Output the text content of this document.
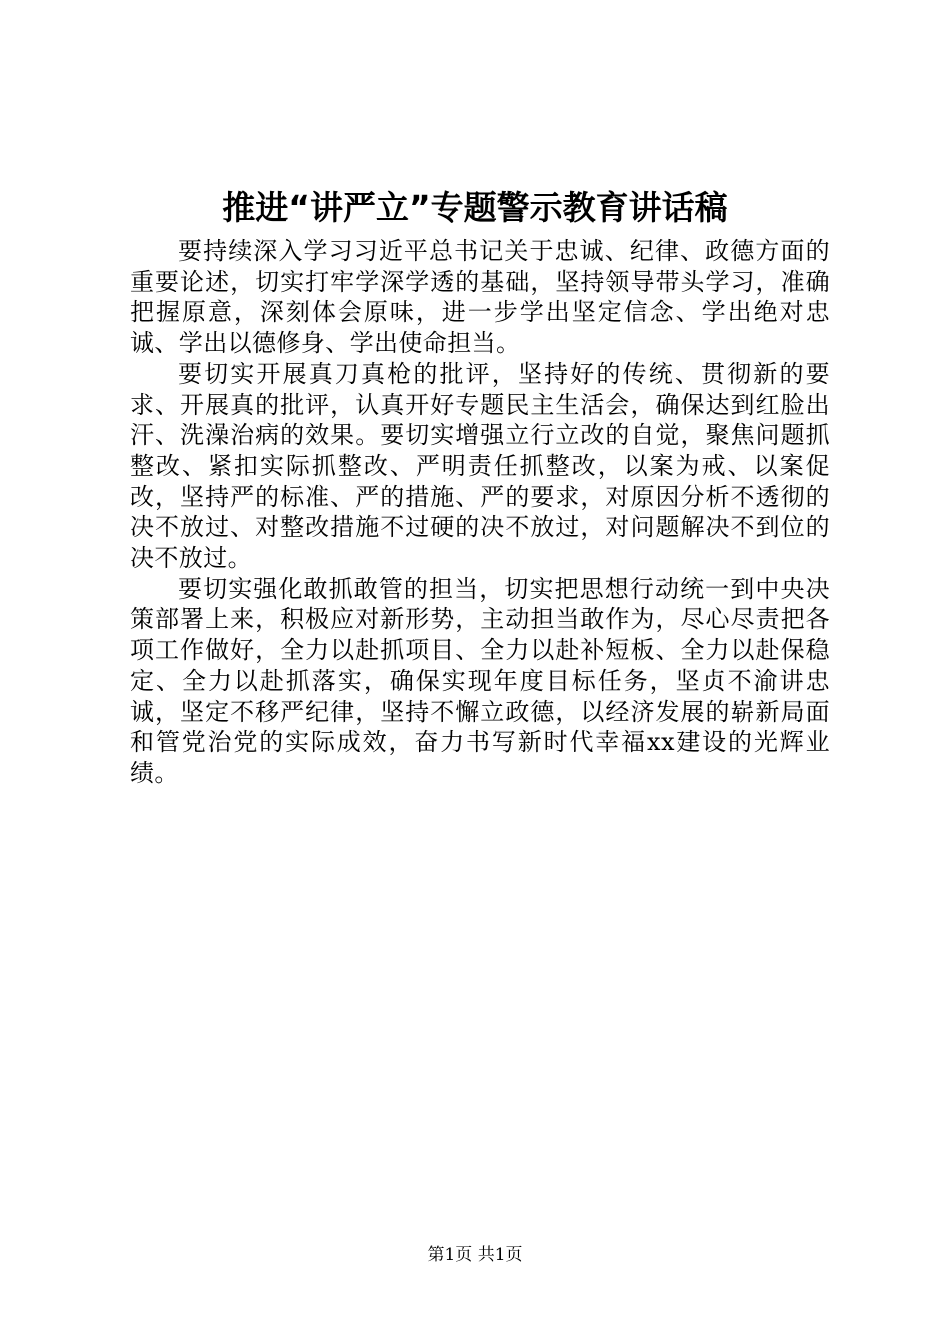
推进“讲严立”专题警示教育讲话稿

要持续深入学习习近平总书记关于忠诚、纪律、政德方面的重要论述，切实打牢学深学透的基础，坚持领导带头学习，准确把握原意，深刻体会原味，进一步学出坚定信念、学出绝对忠诚、学出以德修身、学出使命担当。

要切实开展真刀真枪的批评，坚持好的传统、贯彻新的要求、开展真的批评，认真开好专题民主生活会，确保达到红脸出汗、洗澡治病的效果。要切实增强立行立改的自觉，聚焦问题抓整改、紧扣实际抓整改、严明责任抓整改，以案为戒、以案促改，坚持严的标准、严的措施、严的要求，对原因分析不透彻的决不放过、对整改措施不过硬的决不放过，对问题解决不到位的决不放过。

要切实强化敢抓敢管的担当，切实把思想行动统一到中央决策部署上来，积极应对新形势，主动担当敢作为，尽心尽责把各项工作做好，全力以赴抓项目、全力以赴补短板、全力以赴保稳定、全力以赴抓落实，确保实现年度目标任务，坚贞不渝讲忠诚，坚定不移严纪律，坚持不懈立政德，以经济发展的崭新局面和管党治党的实际成效，奋力书写新时代幸福xx建设的光辉业绩。

第1页 共1页
